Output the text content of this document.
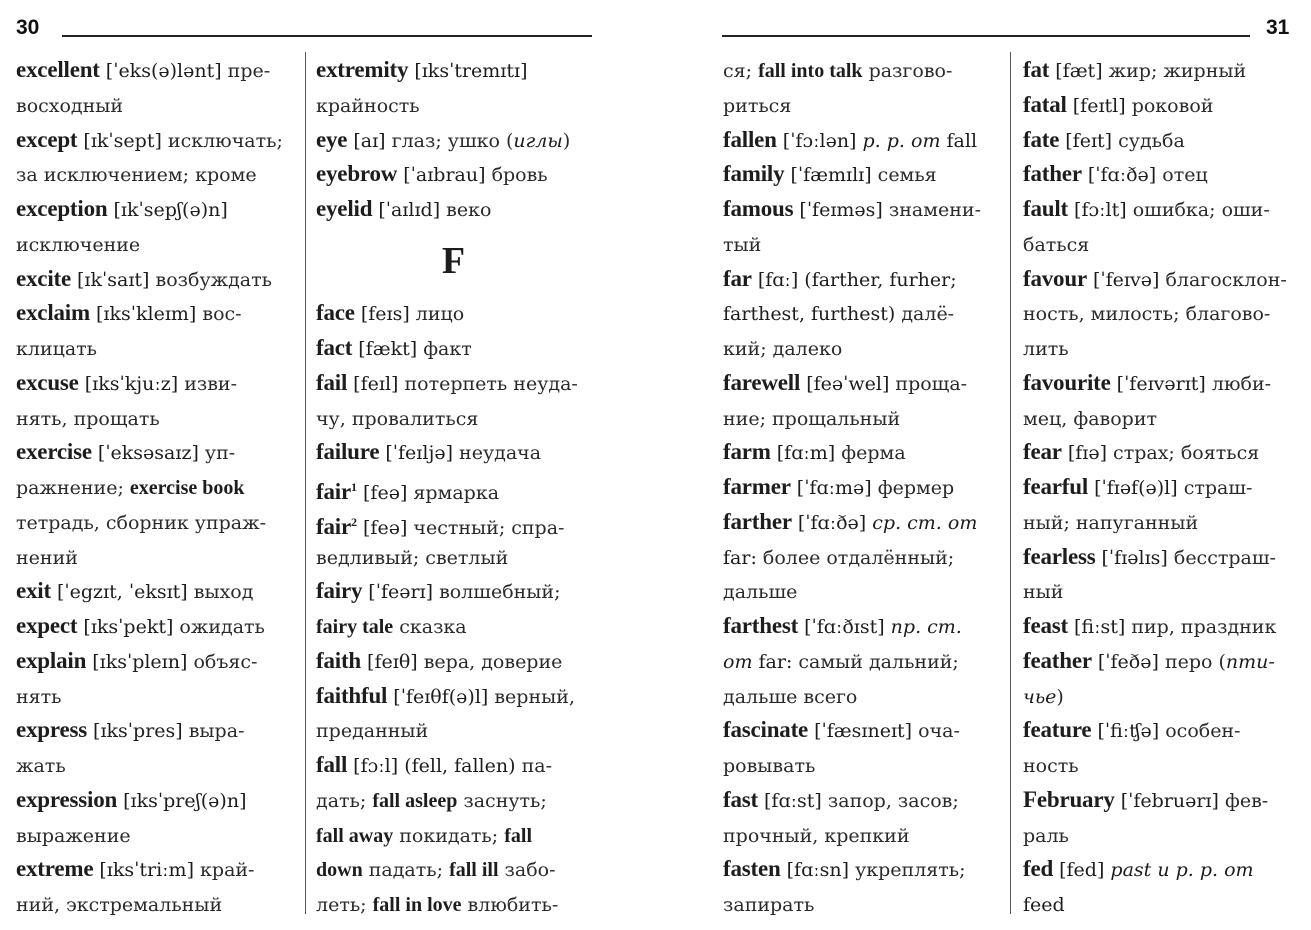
30
excellent [ˈeks(ə)lənt] пре-
восходный
except [ɪkˈsept] исключать;
за исключением; кроме
exception [ɪkˈsepʃ(ə)n]
исключение
excite [ɪkˈsaɪt] возбуждать
exclaim [ɪksˈkleɪm] вос-
клицать
excuse [ɪksˈkjuːz] изви-
нять, прощать
exercise [ˈeksəsaɪz] уп-
ражнение; exercise book
тетрадь, сборник упраж-
нений
exit [ˈegzɪt, ˈeksɪt] выход
expect [ɪksˈpekt] ожидать
explain [ɪksˈpleɪn] объяс-
нять
express [ɪksˈpres] выра-
жать
expression [ɪksˈpreʃ(ə)n]
выражение
extreme [ɪksˈtriːm] край-
ний, экстремальный
extremity [ɪksˈtremɪtɪ]
крайность
eye [aɪ] глаз; ушко (иглы)
eyebrow [ˈaɪbrau] бровь
eyelid [ˈaɪlɪd] веко
F
face [feɪs] лицо
fact [fækt] факт
fail [feɪl] потерпеть неуда-
чу, провалиться
failure [ˈfeɪljə] неудача
fair$^1$ [feə] ярмарка
fair$^2$ [feə] честный; спра-
ведливый; светлый
fairy [ˈfeərɪ] волшебный;
fairy tale сказка
faith [feɪθ] вера, доверие
faithful [ˈfeɪθf(ə)l] верный,
преданный
fall [fɔːl] (fell, fallen) па-
дать; fall asleep заснуть;
fall away покидать; fall
down падать; fall ill забо-
леть; fall in love влюбить-
31
ся; fall into talk разгово-
риться
fallen [ˈfɔːlən] p. p. от fall
family [ˈfæmɪlɪ] семья
famous [ˈfeɪməs] знамени-
тый
far [fɑː] (farther, furher;
farthest, furthest) далё-
кий; далеко
farewell [feəˈwel] проща-
ние; прощальный
farm [fɑːm] ферма
farmer [ˈfɑːmə] фермер
farther [ˈfɑːðə] ср. ст. от
far: более отдалённый;
дальше
farthest [ˈfɑːðɪst] пр. ст.
от far: самый дальний;
дальше всего
fascinate [ˈfæsɪneɪt] оча-
ровывать
fast [fɑːst] запор, засов;
прочный, крепкий
fasten [fɑːsn] укреплять;
запирать
fat [fæt] жир; жирный
fatal [feɪtl] роковой
fate [feɪt] судьба
father [ˈfɑːðə] отец
fault [fɔːlt] ошибка; оши-
баться
favour [ˈfeɪvə] благосклон-
ность, милость; благово-
лить
favourite [ˈfeɪvərɪt] люби-
мец, фаворит
fear [fɪə] страх; бояться
fearful [ˈfɪəf(ə)l] страш-
ный; напуганный
fearless [ˈfɪəlɪs] бесстраш-
ный
feast [fiːst] пир, праздник
feather [ˈfeðə] перо (пти-
чье)
feature [ˈfiːʧə] особен-
ность
February [ˈfebruərɪ] фев-
раль
fed [fed] past и p. p. от
feed
